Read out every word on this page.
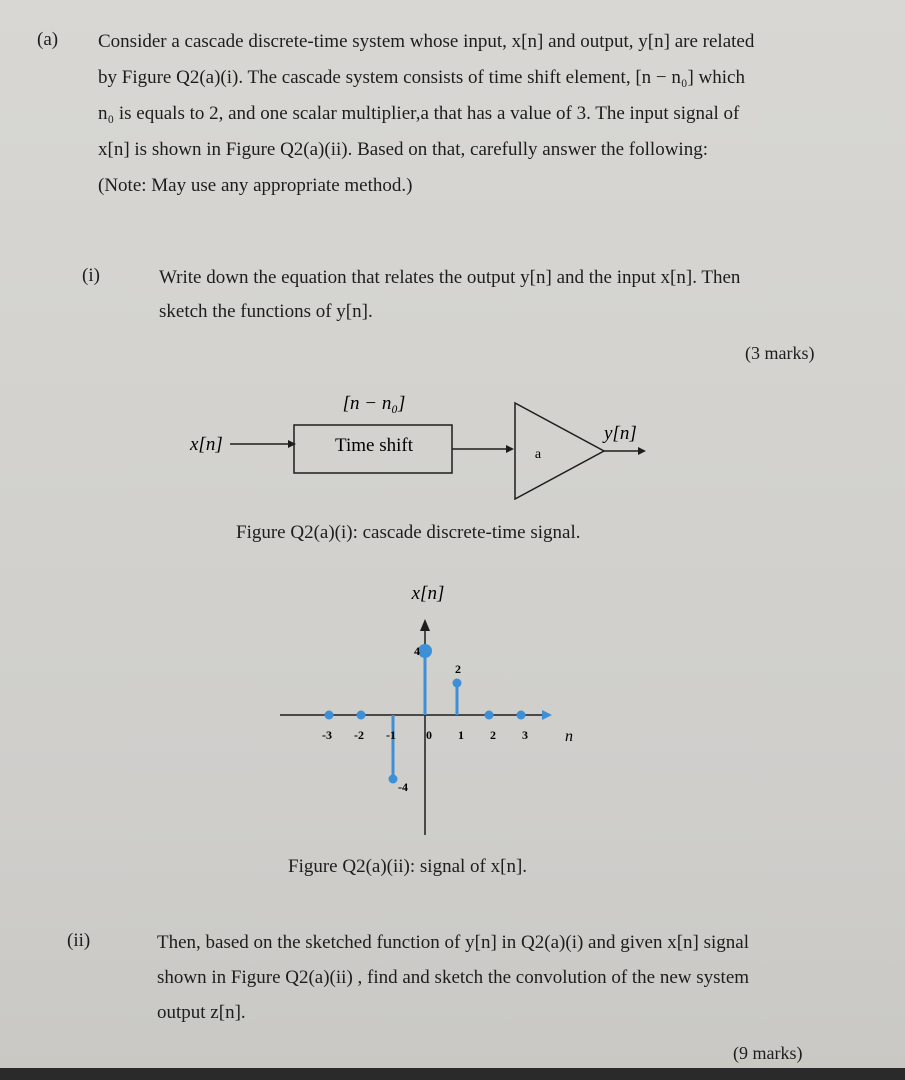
(a) Consider a cascade discrete-time system whose input, x[n] and output, y[n] are related
by Figure Q2(a)(i). The cascade system consists of time shift element, [n − n₀] which
n₀ is equals to 2, and one scalar multiplier,a that has a value of 3. The input signal of
x[n] is shown in Figure Q2(a)(ii). Based on that, carefully answer the following:
(Note: May use any appropriate method.)
(i)	Write down the equation that relates the output y[n] and the input x[n]. Then
sketch the functions of y[n].
(3 marks)
[n − n₀]
x[n]	Time shift	a
y[n]
Figure Q2(a)(i): cascade discrete-time signal.
x[n]
n
-3 -2 -1	0 1 2 3
4
2
-4
Figure Q2(a)(ii): signal of x[n].
(ii)	Then, based on the sketched function of y[n] in Q2(a)(i) and given x[n] signal
shown in Figure Q2(a)(ii) , find and sketch the convolution of the new system
output z[n].
(9 marks)
